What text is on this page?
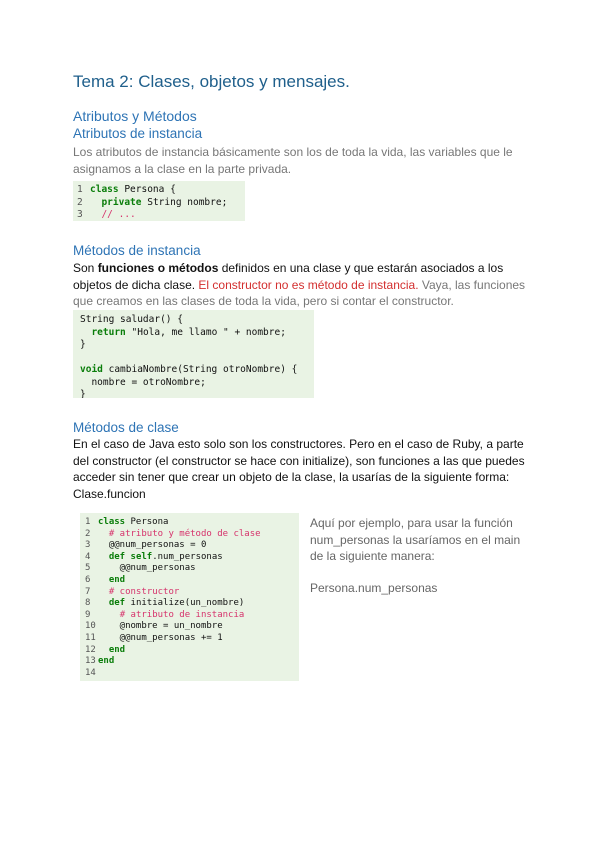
Tema 2: Clases, objetos y mensajes.
Atributos y Métodos
Atributos de instancia

Los atributos de instancia básicamente son los de toda la vida, las variables que le asignamos a la clase en la parte privada.

1 class Persona {
2 private String nombre;
3 // ...
Métodos de instancia

Son funciones o métodos definidos en una clase y que estarán asociados a los objetos de dicha clase. El constructor no es método de instancia. Vaya, las funciones que creamos en las clases de toda la vida, pero si contar el constructor.

String saludar() {
return "Hola, me llamo " + nombre;
}

void cambiaNombre(String otroNombre) {
nombre = otroNombre;
}
Métodos de clase

En el caso de Java esto solo son los constructores. Pero en el caso de Ruby, a parte del constructor (el constructor se hace con initialize), son funciones a las que puedes acceder sin tener que crear un objeto de la clase, la usarías de la siguiente forma: Clase.funcion

1 class Persona
2 # atributo y método de clase
3  @@num_personas = 0
4 def self.num_personas
5    @@num_personas
6 end
7 # constructor
8 def initialize(un_nombre)
9	# atributo de instancia
10    @nombre = un_nombre
11    @@num_personas += 1
12 end
13 end
14

Aquí por ejemplo, para usar la función num_personas la usaríamos en el main de la siguiente manera:

Persona.num_personas
